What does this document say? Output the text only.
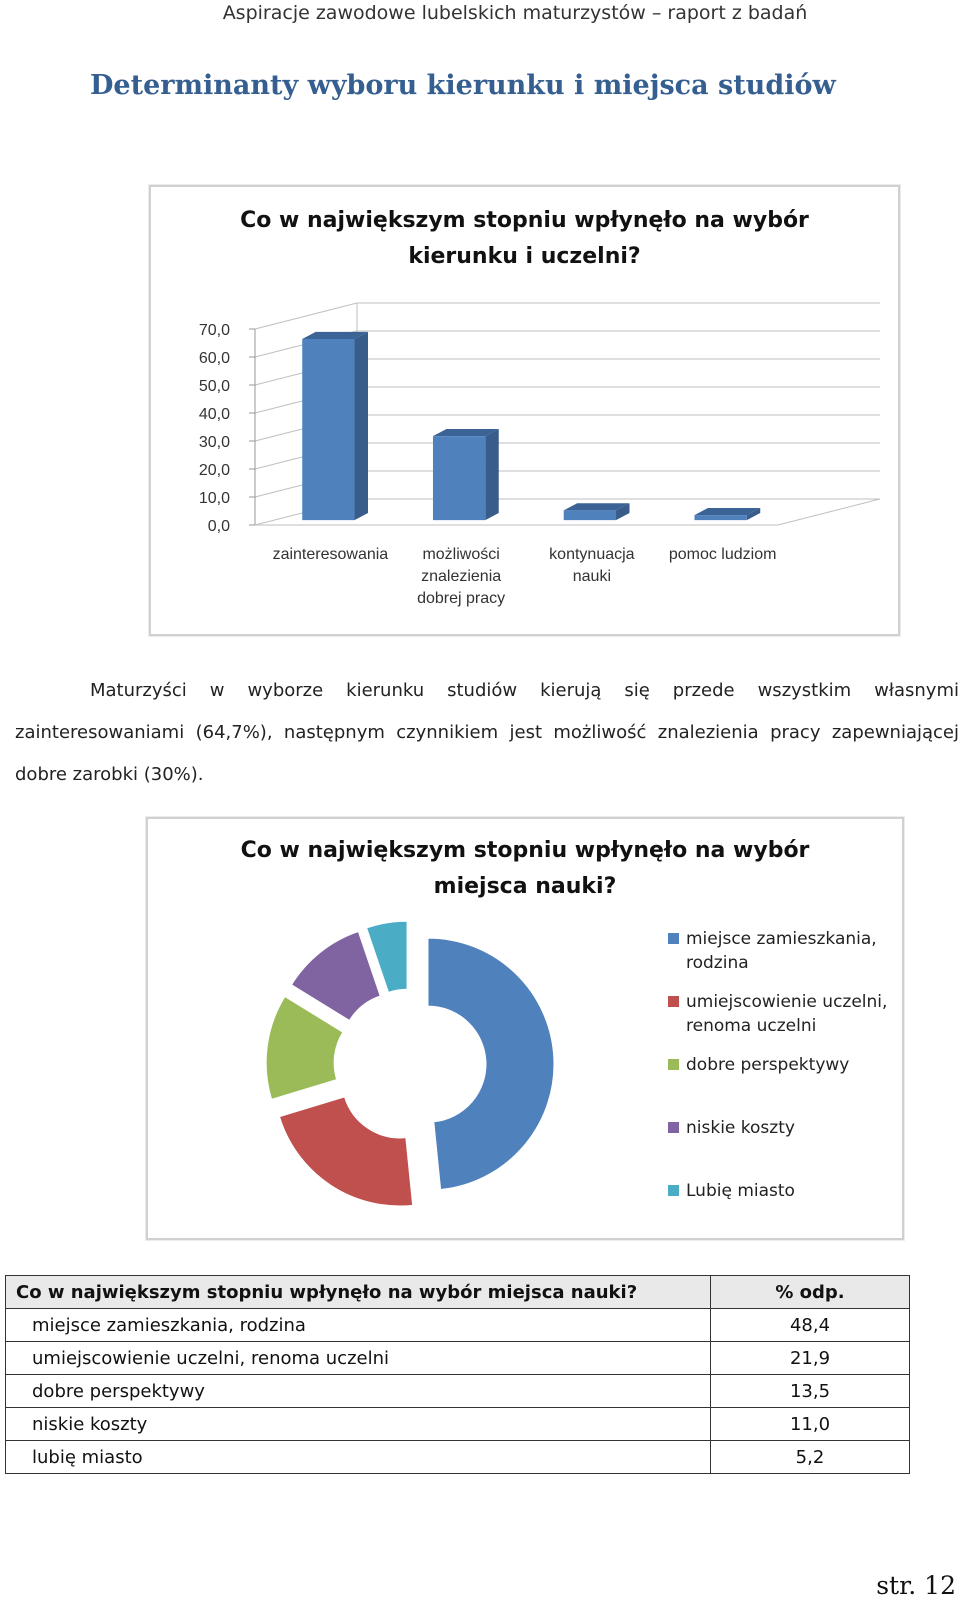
Aspiracje zawodowe lubelskich maturzystów – raport z badań
Determinanty wyboru kierunku i miejsca studiów
Co w największym stopniu wpłynęło na wybór
kierunku i uczelni?
0,0
10,0
20,0
30,0
40,0
50,0
60,0
70,0
zainteresowania możliwości
znalezienia
dobrej pracy
kontynuacja
nauki
pomoc ludziom
Maturzyści w wyborze kierunku studiów kierują się przede wszystkim własnymi
zainteresowaniami (64,7%), następnym czynnikiem jest możliwość znalezienia pracy zapewniającej
dobre zarobki (30%).
Co w największym stopniu wpłynęło na wybór
miejsca nauki?
miejsce zamieszkania, rodzina
umiejscowienie uczelni, renoma uczelni
dobre perspektywy
niskie koszty
Lubię miasto
Co w największym stopniu wpłynęło na wybór miejsca nauki?	% odp.
miejsce zamieszkania, rodzina	48,4
umiejscowienie uczelni, renoma uczelni	21,9
dobre perspektywy	13,5
niskie koszty	11,0
lubię miasto	5,2
str. 12
